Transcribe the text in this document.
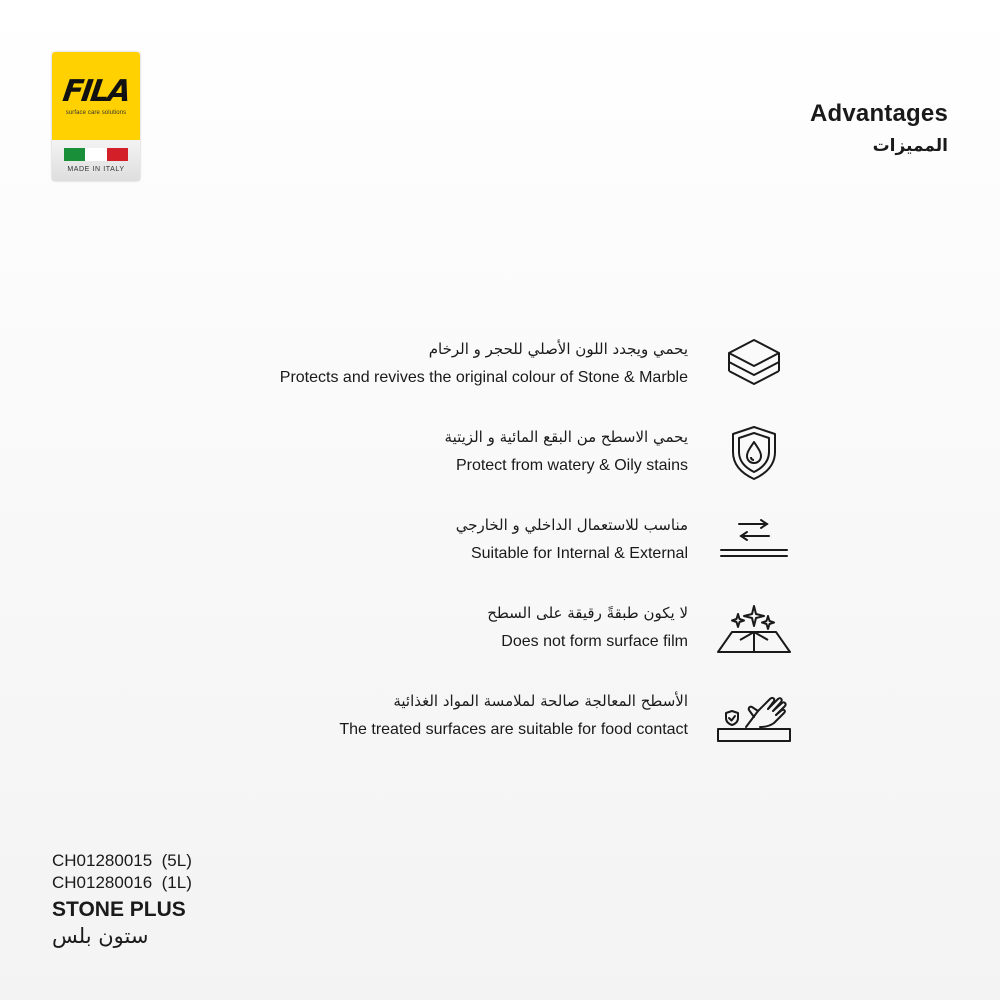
FILA
surface care solutions
MADE IN ITALY
Advantages
المميزات
يحمي ويجدد اللون الأصلي للحجر و الرخام
Protects and revives the original colour of Stone & Marble
يحمي الاسطح من البقع المائية و الزيتية
Protect from watery & Oily stains
مناسب للاستعمال الداخلي و الخارجي
Suitable for Internal & External
لا يكون طبقةً رقيقة على السطح
Does not form surface film
الأسطح المعالجة صالحة لملامسة المواد الغذائية
The treated surfaces are suitable for food contact
CH01280015  (5L)
CH01280016  (1L)
STONE PLUS
ستون بلس
